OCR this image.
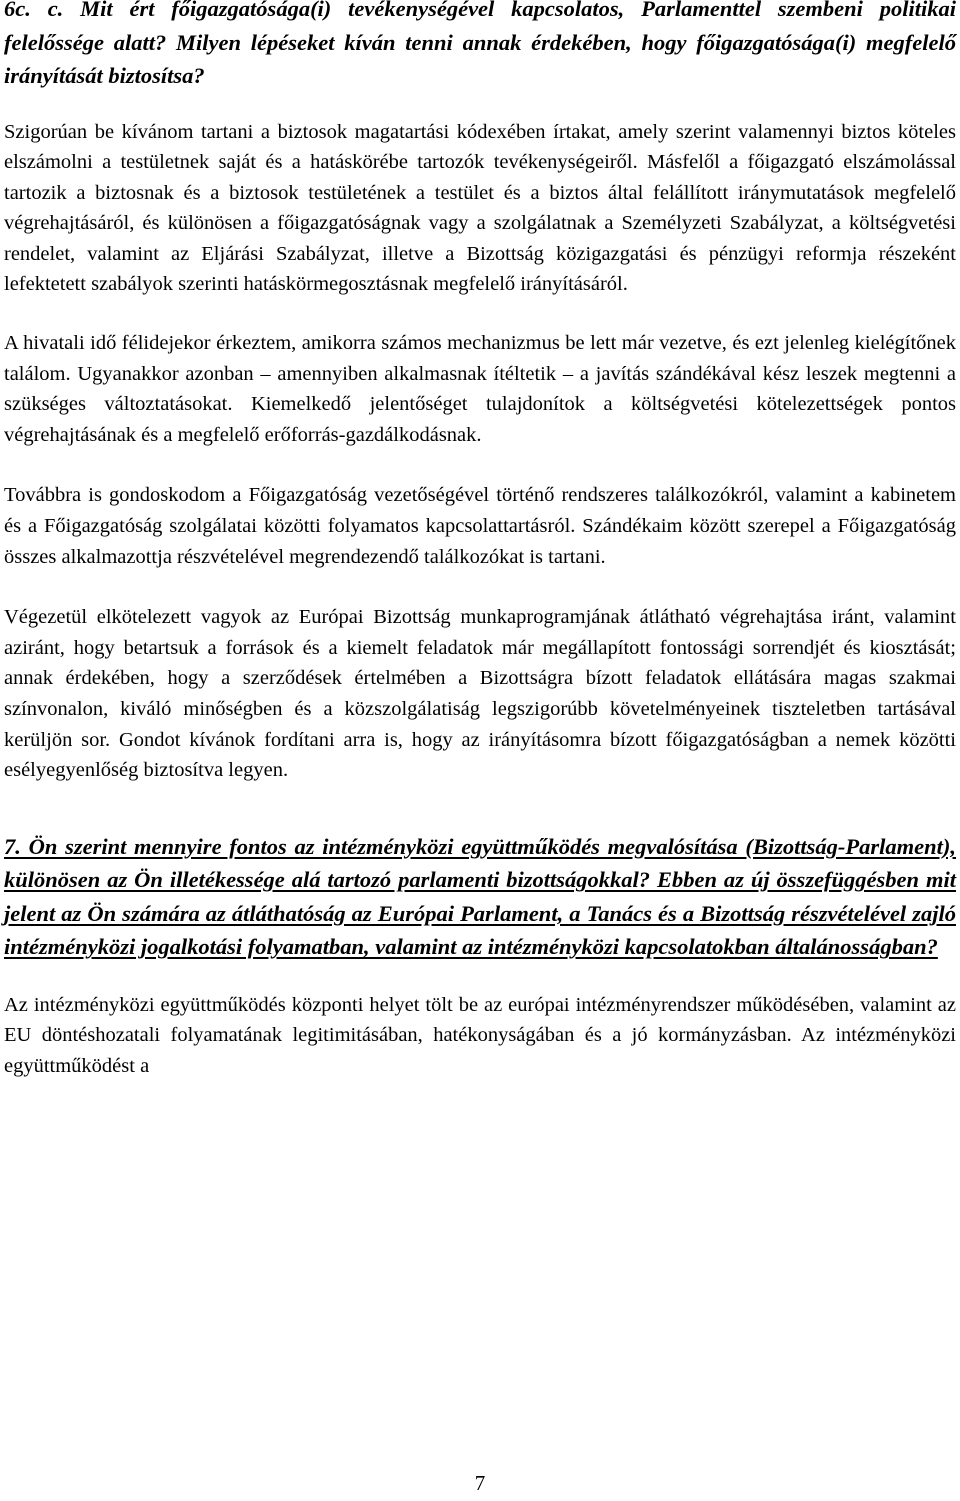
6c. c. Mit ért főigazgatósága(i) tevékenységével kapcsolatos, Parlamenttel szembeni politikai felelőssége alatt? Milyen lépéseket kíván tenni annak érdekében, hogy főigazgatósága(i) megfelelő irányítását biztosítsa?

Szigorúan be kívánom tartani a biztosok magatartási kódexében írtakat, amely szerint valamennyi biztos köteles elszámolni a testületnek saját és a hatáskörébe tartozók tevékenységeiről. Másfelől a főigazgató elszámolással tartozik a biztosnak és a biztosok testületének a testület és a biztos által felállított iránymutatások megfelelő végrehajtásáról, és különösen a főigazgatóságnak vagy a szolgálatnak a Személyzeti Szabályzat, a költségvetési rendelet, valamint az Eljárási Szabályzat, illetve a Bizottság közigazgatási és pénzügyi reformja részeként lefektetett szabályok szerinti hatáskörmegosztásnak megfelelő irányításáról.

A hivatali idő félidejekor érkeztem, amikorra számos mechanizmus be lett már vezetve, és ezt jelenleg kielégítőnek találom. Ugyanakkor azonban – amennyiben alkalmasnak ítéltetik – a javítás szándékával kész leszek megtenni a szükséges változtatásokat. Kiemelkedő jelentőséget tulajdonítok a költségvetési kötelezettségek pontos végrehajtásának és a megfelelő erőforrás-gazdálkodásnak.

Továbbra is gondoskodom a Főigazgatóság vezetőségével történő rendszeres találkozókról, valamint a kabinetem és a Főigazgatóság szolgálatai közötti folyamatos kapcsolattartásról. Szándékaim között szerepel a Főigazgatóság összes alkalmazottja részvételével megrendezendő találkozókat is tartani.

Végezetül elkötelezett vagyok az Európai Bizottság munkaprogramjának átlátható végrehajtása iránt, valamint aziránt, hogy betartsuk a források és a kiemelt feladatok már megállapított fontossági sorrendjét és kiosztását; annak érdekében, hogy a szerződések értelmében a Bizottságra bízott feladatok ellátására magas szakmai színvonalon, kiváló minőségben és a közszolgálatiság legszigorúbb követelményeinek tiszteletben tartásával kerüljön sor. Gondot kívánok fordítani arra is, hogy az irányításomra bízott főigazgatóságban a nemek közötti esélyegyenlőség biztosítva legyen.

7. Ön szerint mennyire fontos az intézményközi együttműködés megvalósítása (Bizottság-Parlament), különösen az Ön illetékessége alá tartozó parlamenti bizottságokkal? Ebben az új összefüggésben mit jelent az Ön számára az átláthatóság az Európai Parlament, a Tanács és a Bizottság részvételével zajló intézményközi jogalkotási folyamatban, valamint az intézményközi kapcsolatokban általánosságban?

Az intézményközi együttműködés központi helyet tölt be az európai intézményrendszer működésében, valamint az EU döntéshozatali folyamatának legitimitásában, hatékonyságában és a jó kormányzásban. Az intézményközi együttműködést a

7
